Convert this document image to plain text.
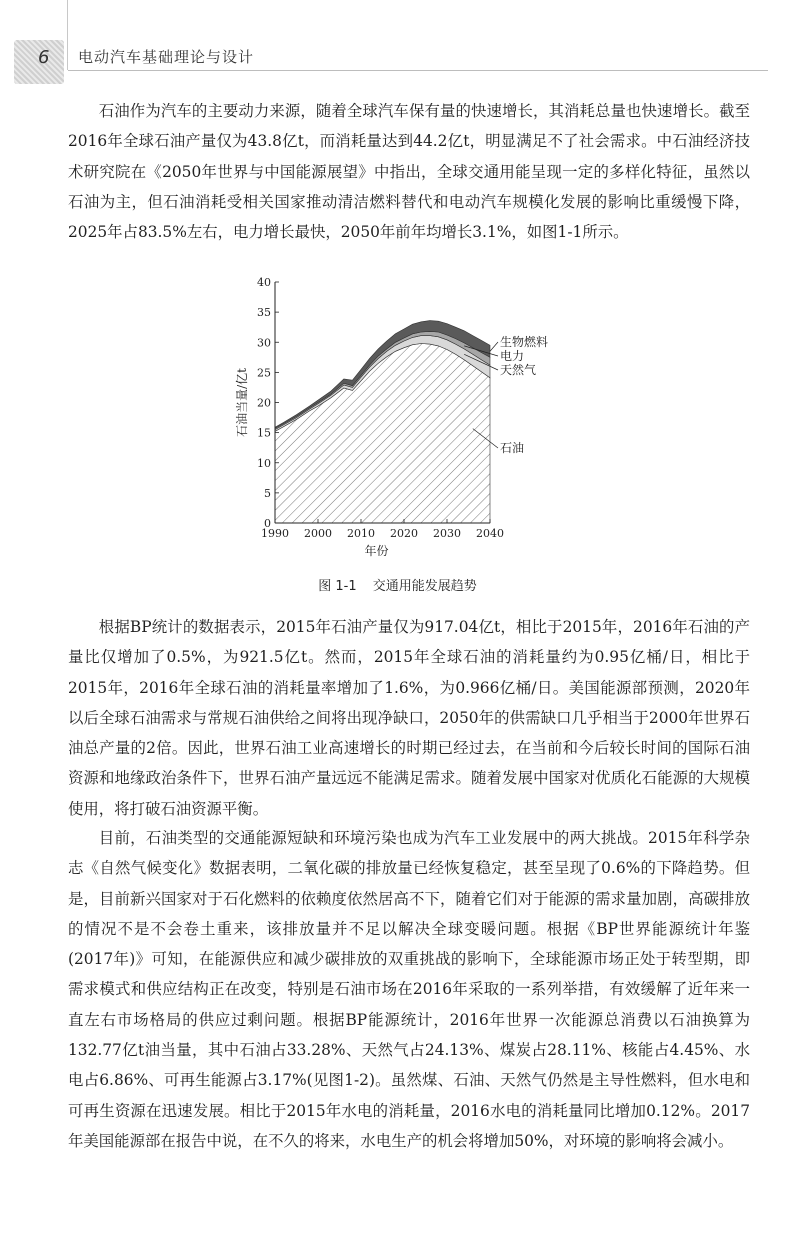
6 电动汽车基础理论与设计

石油作为汽车的主要动力来源，随着全球汽车保有量的快速增长，其消耗总量也快速增长。截至2016年全球石油产量仅为43.8亿t，而消耗量达到44.2亿t，明显满足不了社会需求。中石油经济技术研究院在《2050年世界与中国能源展望》中指出，全球交通用能呈现一定的多样化特征，虽然以石油为主，但石油消耗受相关国家推动清洁燃料替代和电动汽车规模化发展的影响比重缓慢下降，2025年占83.5%左右，电力增长最快，2050年前年均增长3.1%，如图1-1所示。

0
5
10
15
20
25
30
35
40
1990 2000 2010 2020 2030 2040
年份
石油当量/亿t
生物燃料
电力
天然气
石油
图 1-1 交通用能发展趋势

根据BP统计的数据表示，2015年石油产量仅为917.04亿t，相比于2015年，2016年石油的产量比仅增加了0.5%，为921.5亿t。然而，2015年全球石油的消耗量约为0.95亿桶/日，相比于2015年，2016年全球石油的消耗量率增加了1.6%，为0.966亿桶/日。美国能源部预测，2020年以后全球石油需求与常规石油供给之间将出现净缺口，2050年的供需缺口几乎相当于2000年世界石油总产量的2倍。因此，世界石油工业高速增长的时期已经过去，在当前和今后较长时间的国际石油资源和地缘政治条件下，世界石油产量远远不能满足需求。随着发展中国家对优质化石能源的大规模使用，将打破石油资源平衡。

目前，石油类型的交通能源短缺和环境污染也成为汽车工业发展中的两大挑战。2015年科学杂志《自然气候变化》数据表明，二氧化碳的排放量已经恢复稳定，甚至呈现了0.6%的下降趋势。但是，目前新兴国家对于石化燃料的依赖度依然居高不下，随着它们对于能源的需求量加剧，高碳排放的情况不是不会卷土重来，该排放量并不足以解决全球变暖问题。根据《BP世界能源统计年鉴(2017年)》可知，在能源供应和减少碳排放的双重挑战的影响下，全球能源市场正处于转型期，即需求模式和供应结构正在改变，特别是石油市场在2016年采取的一系列举措，有效缓解了近年来一直左右市场格局的供应过剩问题。根据BP能源统计，2016年世界一次能源总消费以石油换算为132.77亿t油当量，其中石油占33.28%、天然气占24.13%、煤炭占28.11%、核能占4.45%、水电占6.86%、可再生能源占3.17%(见图1-2)。虽然煤、石油、天然气仍然是主导性燃料，但水电和可再生资源在迅速发展。相比于2015年水电的消耗量，2016水电的消耗量同比增加0.12%。2017年美国能源部在报告中说，在不久的将来，水电生产的机会将增加50%，对环境的影响将会减小。
